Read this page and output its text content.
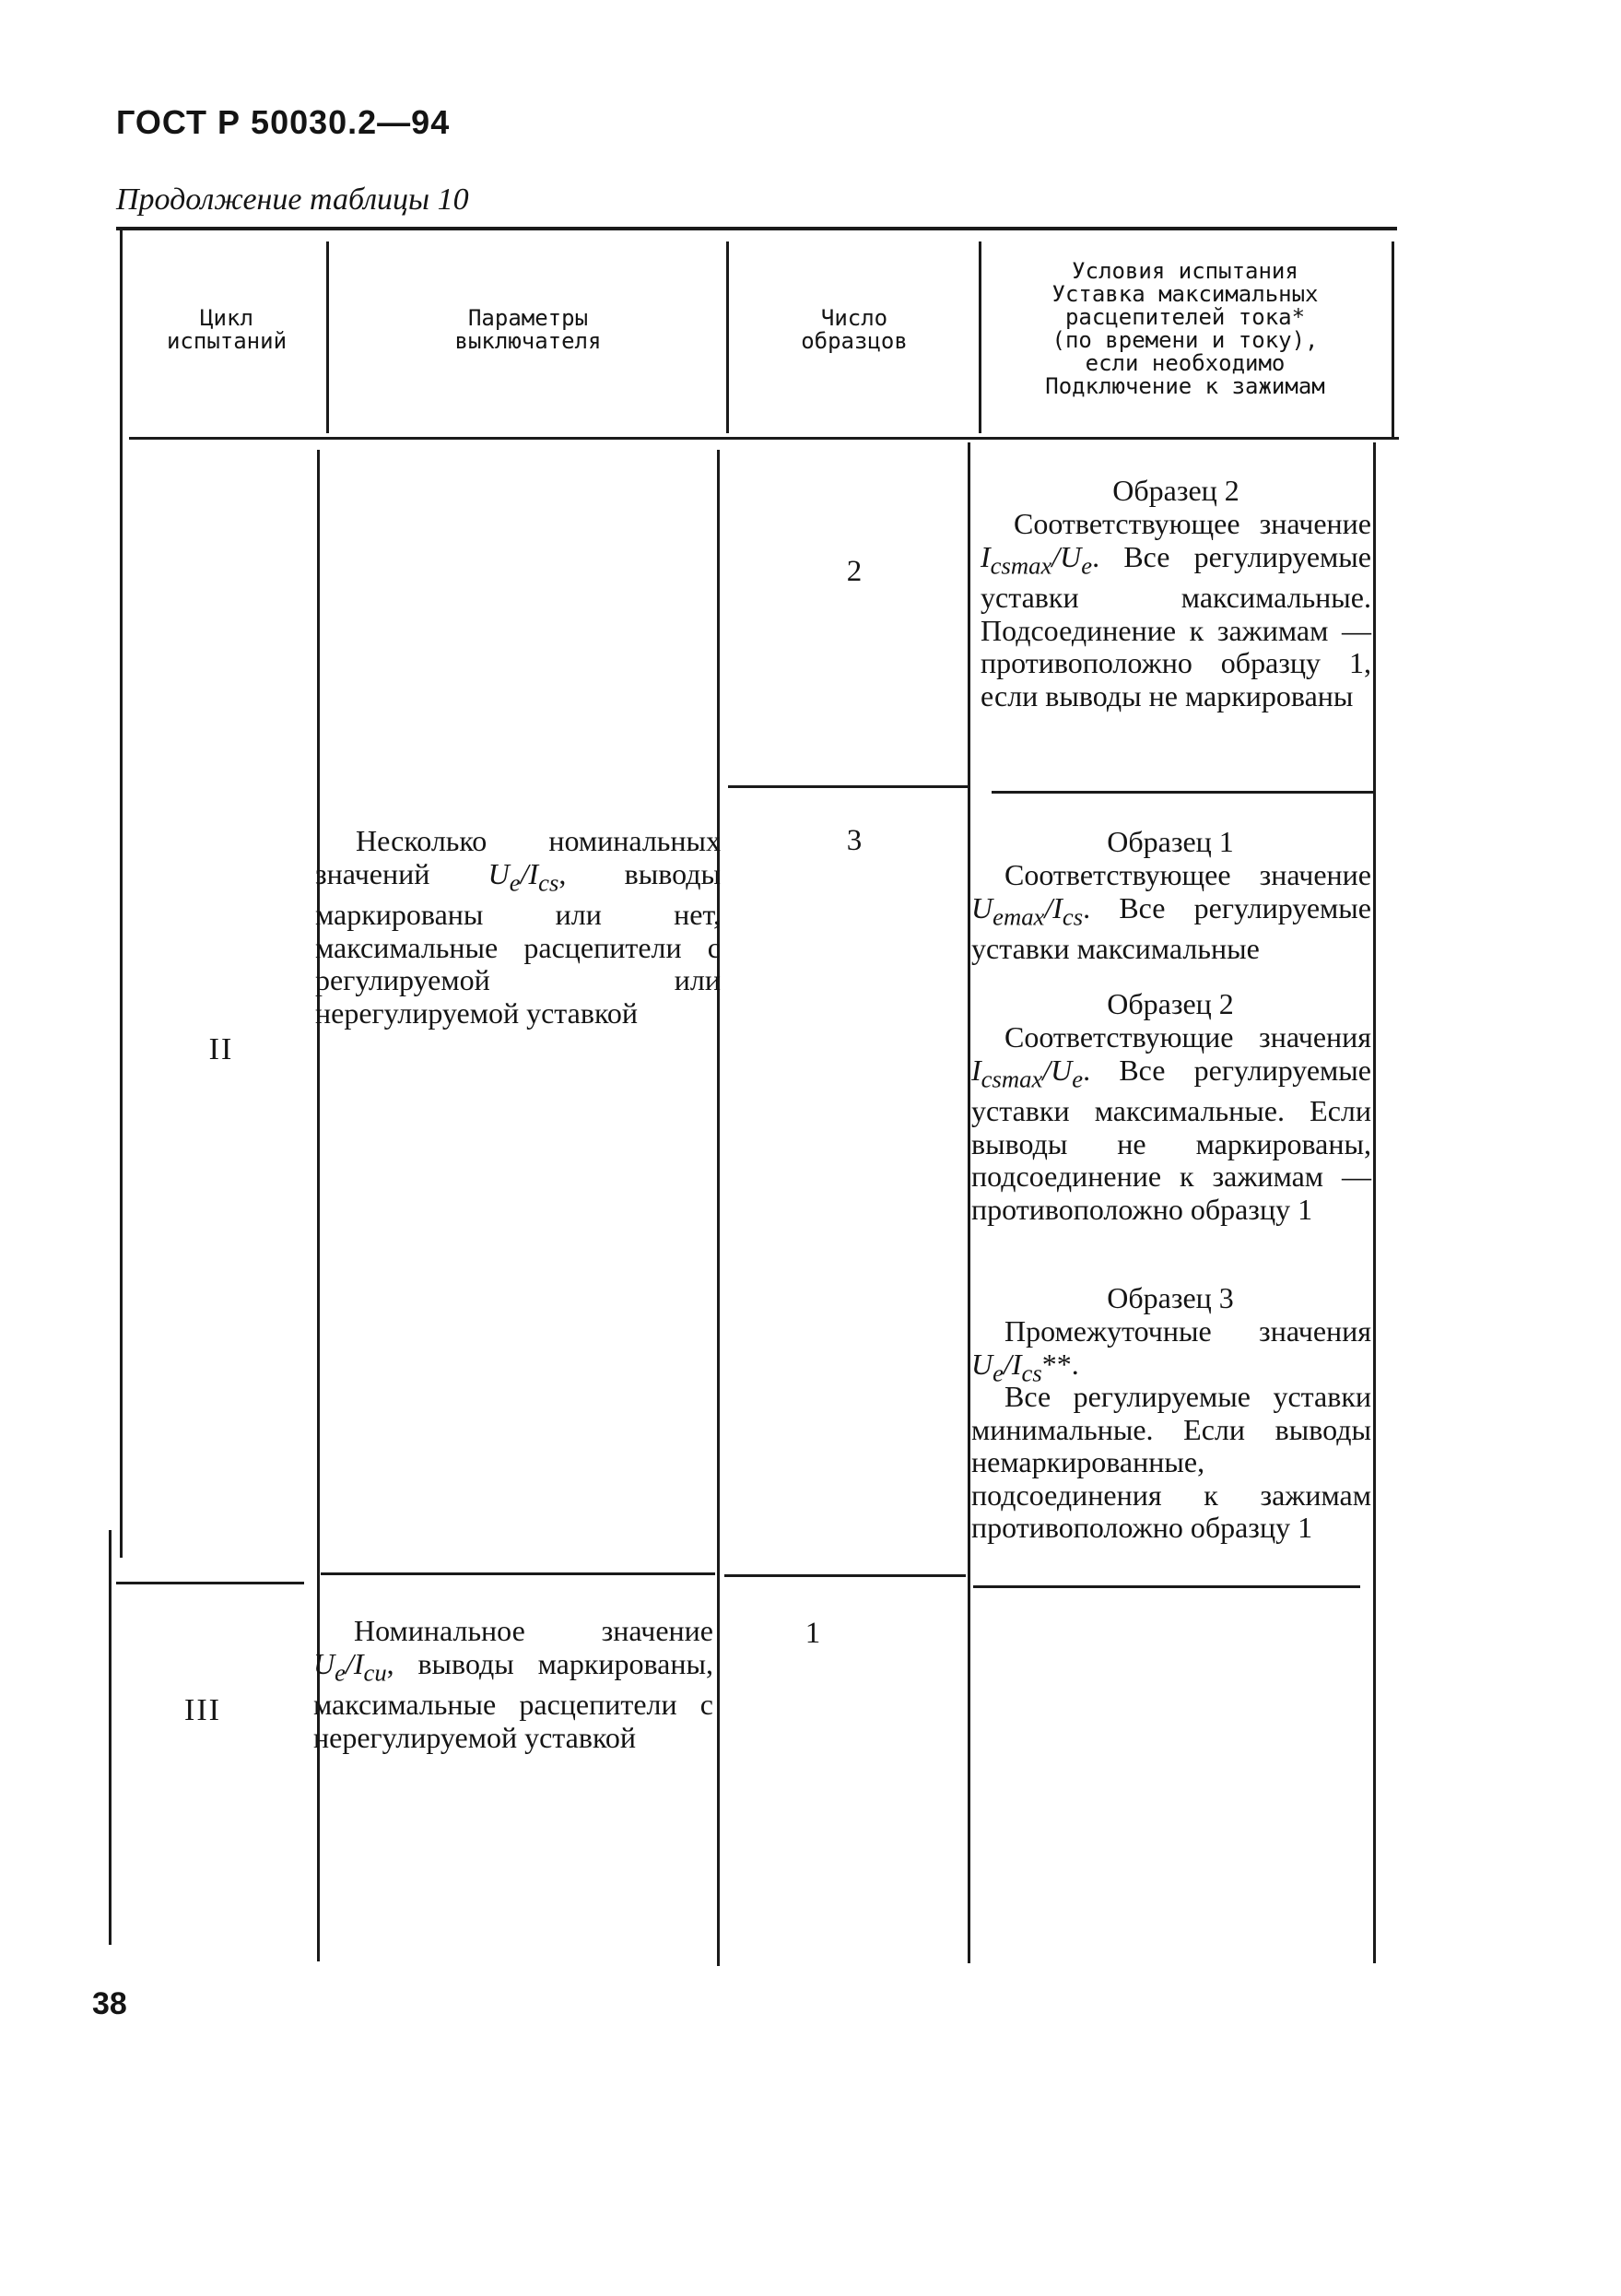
ГОСТ Р 50030.2—94
Продолжение таблицы 10
Цикл
испытаний
Параметры
выключателя
Число
образцов
Условия испытания
Уставка максимальных
расцепителей тока*
(по времени и току),
если необходимо
Подключение к зажимам
2
Образец 2
Соответствующее значение $I_{csmax}/U_e$. Все регулируемые уставки максимальные. Подсоединение к зажимам — противоположно образцу 1, если выводы не маркированы
II
Несколько номинальных значений $U_e/I_{cs}$, выводы маркированы или нет, максимальные расцепители с регулируемой или нерегулируемой уставкой
3	Образец 1
Соответствующее значение $U_{emax}/I_{cs}$. Все регулируемые уставки максимальные
Образец 2
Соответствующие значения $I_{csmax}/U_e$. Все регулируемые уставки максимальные. Если выводы не маркированы, подсоединение к зажимам — противоположно образцу 1
Образец 3
Промежуточные значения $U_e/I_{cs}**$.
Все регулируемые уставки минимальные. Если выводы немаркированные, подсоединения к зажимам противоположно образцу 1
III
Номинальное значение $U_e/I_{cu}$, выводы маркированы, максимальные расцепители с нерегулируемой уставкой
1
38
